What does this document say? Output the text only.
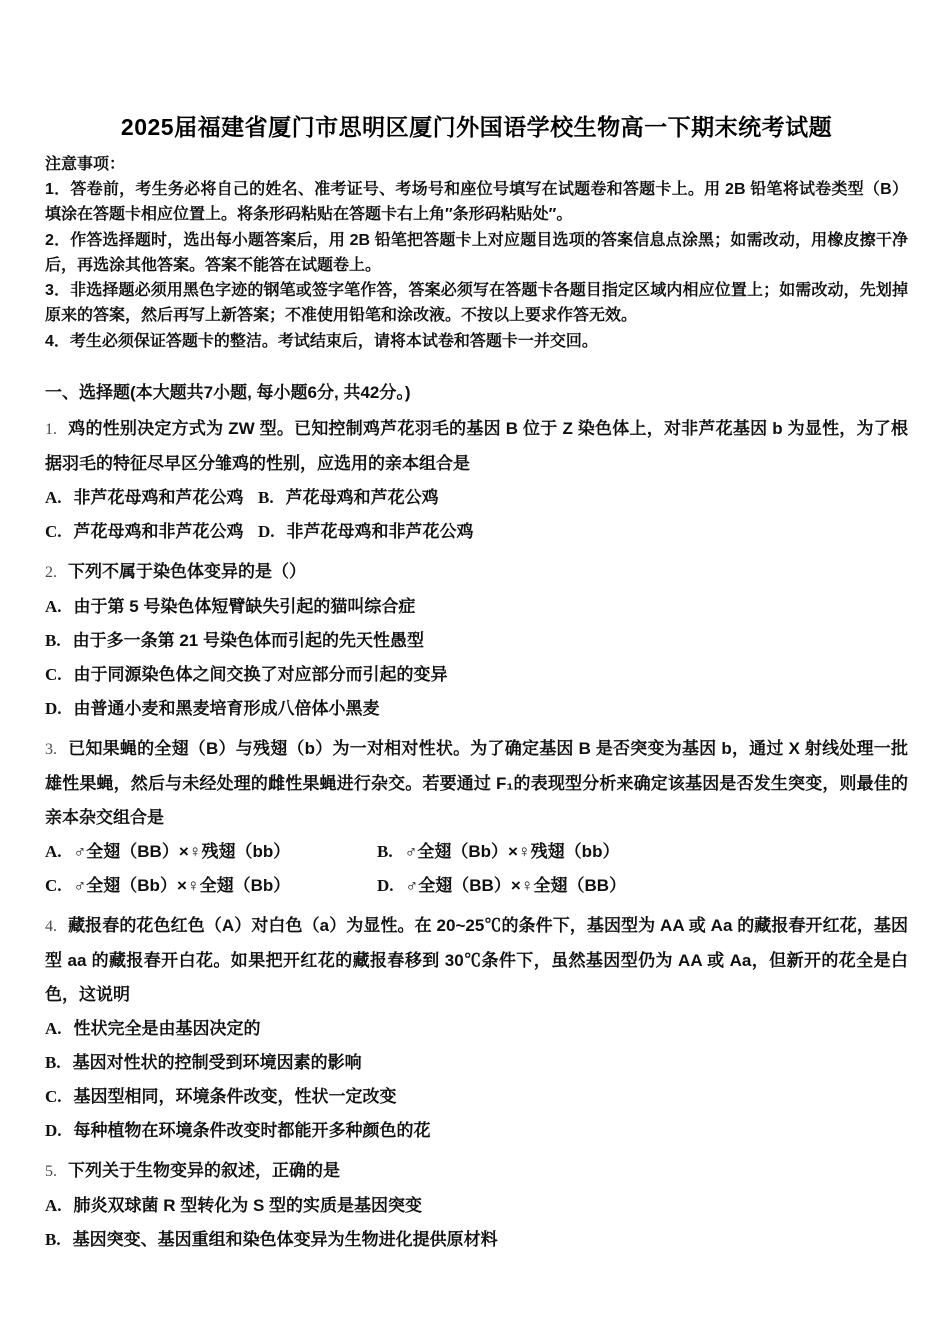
2025届福建省厦门市思明区厦门外国语学校生物高一下期末统考试题

注意事项：

1．答卷前，考生务必将自己的姓名、准考证号、考场号和座位号填写在试题卷和答题卡上。用 2B 铅笔将试卷类型（B）填涂在答题卡相应位置上。将条形码粘贴在答题卡右上角″条形码粘贴处″。

2．作答选择题时，选出每小题答案后，用 2B 铅笔把答题卡上对应题目选项的答案信息点涂黑；如需改动，用橡皮擦干净后，再选涂其他答案。答案不能答在试题卷上。

3．非选择题必须用黑色字迹的钢笔或签字笔作答，答案必须写在答题卡各题目指定区域内相应位置上；如需改动，先划掉原来的答案，然后再写上新答案；不准使用铅笔和涂改液。不按以上要求作答无效。

4．考生必须保证答题卡的整洁。考试结束后，请将本试卷和答题卡一并交回。

一、选择题(本大题共7小题, 每小题6分, 共42分。)

1. 鸡的性别决定方式为 ZW 型。已知控制鸡芦花羽毛的基因 B 位于 Z 染色体上，对非芦花基因 b 为显性，为了根据羽毛的特征尽早区分雏鸡的性别，应选用的亲本组合是

A. 非芦花母鸡和芦花公鸡 B. 芦花母鸡和芦花公鸡
C. 芦花母鸡和非芦花公鸡 D. 非芦花母鸡和非芦花公鸡

2. 下列不属于染色体变异的是（）

A. 由于第 5 号染色体短臂缺失引起的猫叫综合症
B. 由于多一条第 21 号染色体而引起的先天性愚型
C. 由于同源染色体之间交换了对应部分而引起的变异
D. 由普通小麦和黑麦培育形成八倍体小黑麦

3. 已知果蝇的全翅（B）与残翅（b）为一对相对性状。为了确定基因 B 是否突变为基因 b，通过 X 射线处理一批雄性果蝇，然后与未经处理的雌性果蝇进行杂交。若要通过 F₁的表现型分析来确定该基因是否发生突变，则最佳的亲本杂交组合是

A. ♂全翅（BB）×♀残翅（bb）	B. ♂全翅（Bb）×♀残翅（bb）
C. ♂全翅（Bb）×♀全翅（Bb）	D. ♂全翅（BB）×♀全翅（BB）

4. 藏报春的花色红色（A）对白色（a）为显性。在 20~25℃的条件下，基因型为 AA 或 Aa 的藏报春开红花，基因型 aa 的藏报春开白花。如果把开红花的藏报春移到 30℃条件下，虽然基因型仍为 AA 或 Aa，但新开的花全是白色，这说明

A. 性状完全是由基因决定的
B. 基因对性状的控制受到环境因素的影响
C. 基因型相同，环境条件改变，性状一定改变
D. 每种植物在环境条件改变时都能开多种颜色的花

5. 下列关于生物变异的叙述，正确的是

A. 肺炎双球菌 R 型转化为 S 型的实质是基因突变
B. 基因突变、基因重组和染色体变异为生物进化提供原材料
